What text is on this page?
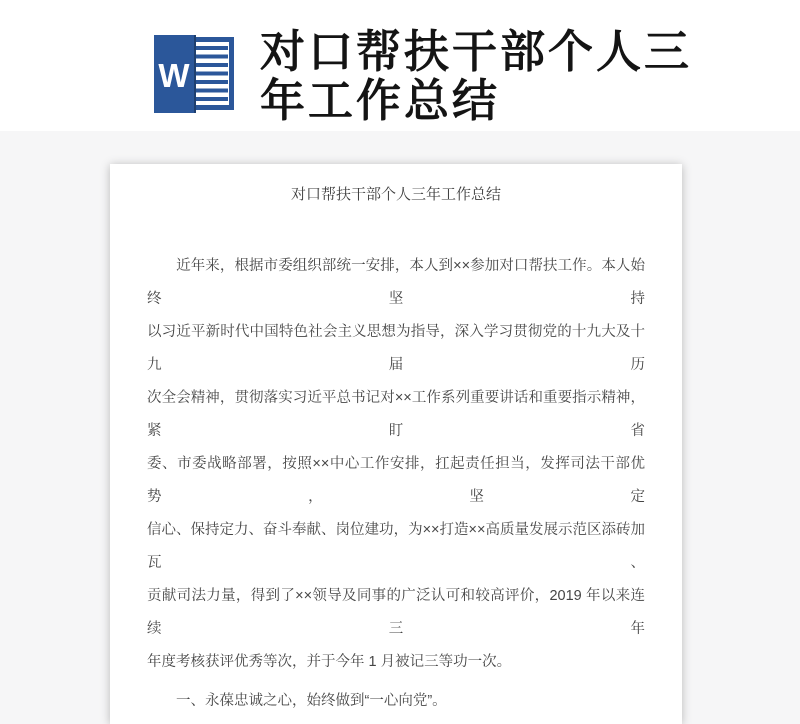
W 对口帮扶干部个人三
年工作总结
对口帮扶干部个人三年工作总结
　　近年来，根据市委组织部统一安排，本人到××参加对口帮扶工作。本人始终坚持
以习近平新时代中国特色社会主义思想为指导，深入学习贯彻党的十九大及十九届历
次全会精神，贯彻落实习近平总书记对××工作系列重要讲话和重要指示精神，紧盯省
委、市委战略部署，按照××中心工作安排，扛起责任担当，发挥司法干部优势，坚定
信心、保持定力、奋斗奉献、岗位建功，为××打造××高质量发展示范区添砖加瓦、
贡献司法力量，得到了××领导及同事的广泛认可和较高评价，2019 年以来连续三年
年度考核获评优秀等次，并于今年 1 月被记三等功一次。
　　一、永葆忠诚之心，始终做到“一心向党”。
